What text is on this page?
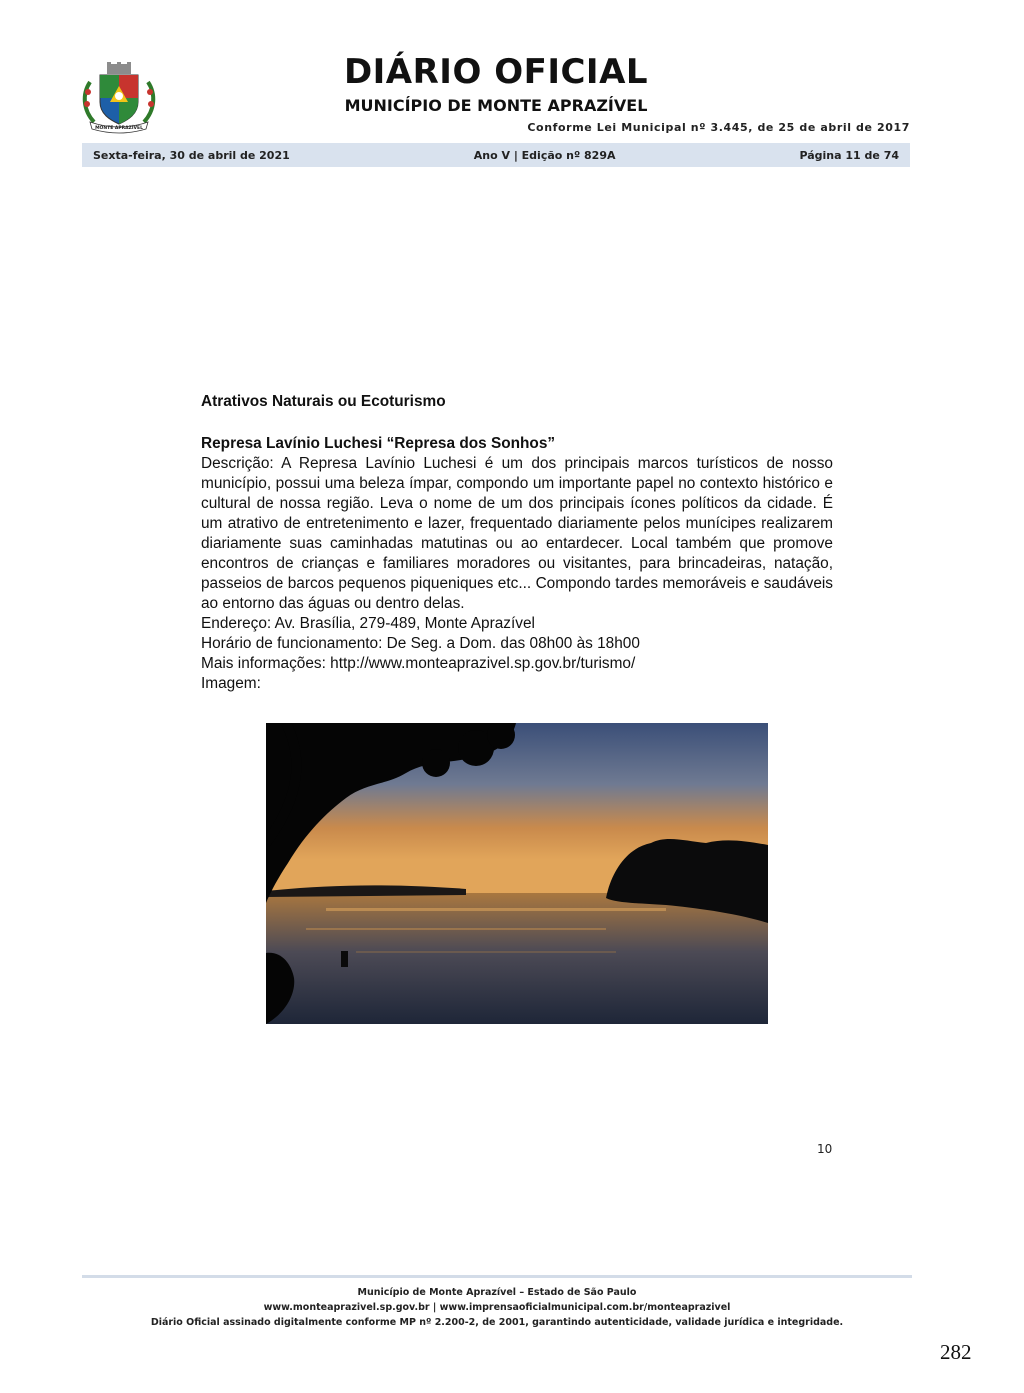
MONTE APRAZÍVEL
DIÁRIO OFICIAL
MUNICÍPIO DE MONTE APRAZÍVEL
Conforme Lei Municipal nº 3.445, de 25 de abril de 2017
Sexta-feira, 30 de abril de 2021	Ano V | Edição nº 829A	Página 11 de 74

Atrativos Naturais ou Ecoturismo

Represa Lavínio Luchesi “Represa dos Sonhos”

Descrição: A Represa Lavínio Luchesi é um dos principais marcos turísticos de nosso município, possui uma beleza ímpar, compondo um importante papel no contexto histórico e cultural de nossa região. Leva o nome de um dos principais ícones políticos da cidade. É um atrativo de entretenimento e lazer, frequentado diariamente pelos munícipes realizarem diariamente suas caminhadas matutinas ou ao entardecer. Local também que promove encontros de crianças e familiares moradores ou visitantes, para brincadeiras, natação, passeios de barcos pequenos piqueniques etc... Compondo tardes memoráveis e saudáveis ao entorno das águas ou dentro delas.

Endereço: Av. Brasília, 279-489, Monte Aprazível

Horário de funcionamento: De Seg. a Dom. das 08h00 às 18h00

Mais informações: http://www.monteaprazivel.sp.gov.br/turismo/

Imagem:

10
Município de Monte Aprazível – Estado de São Paulo
www.monteaprazivel.sp.gov.br | www.imprensaoficialmunicipal.com.br/monteaprazivel
Diário Oficial assinado digitalmente conforme MP nº 2.200-2, de 2001, garantindo autenticidade, validade jurídica e integridade.
282
